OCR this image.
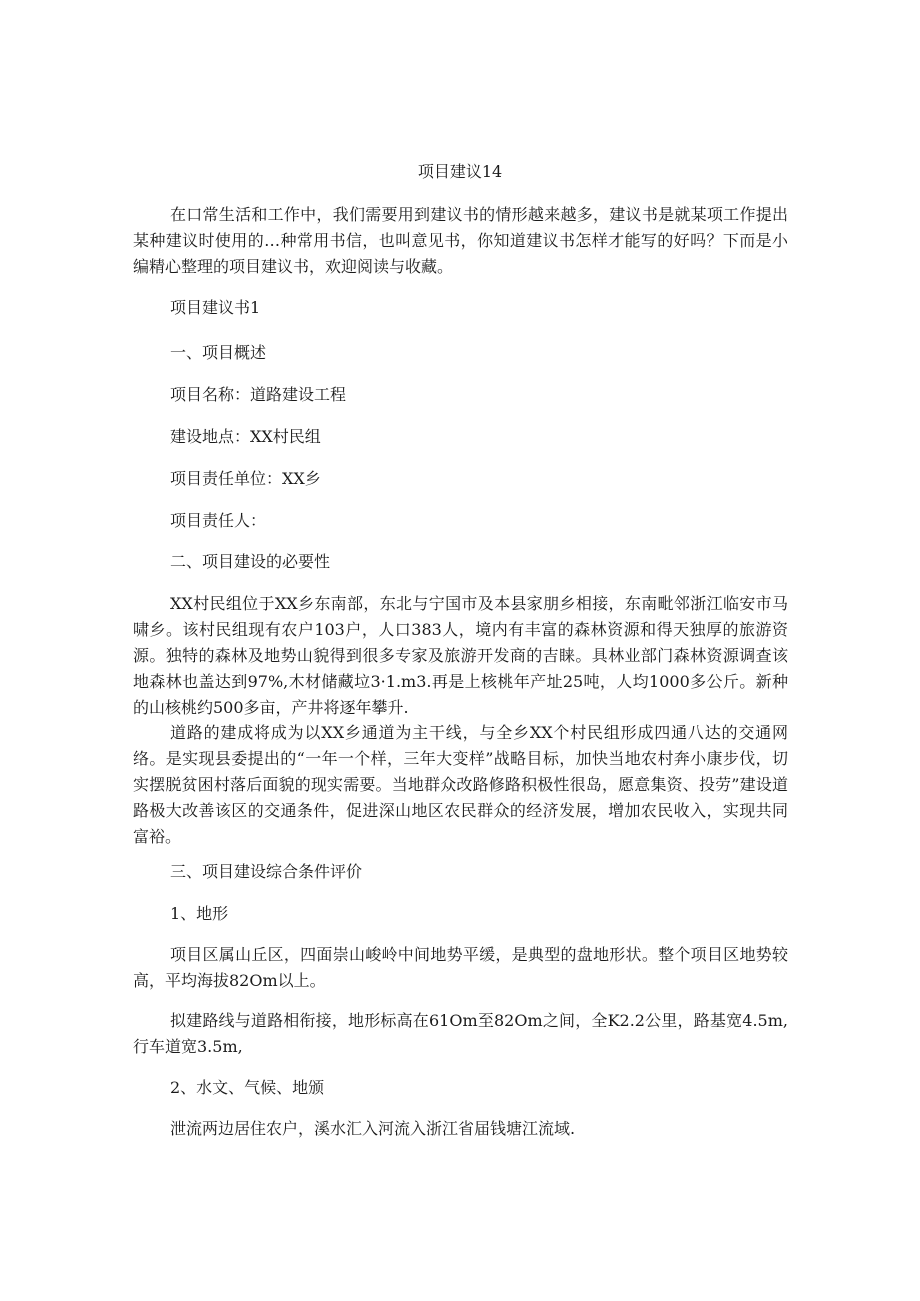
项目建议14

在口常生活和工作中，我们需要用到建议书的情形越来越多，建议书是就某项工作提出某种建议时使用的…种常用书信，也叫意见书，你知道建议书怎样才能写的好吗？下而是小编精心整理的项目建议书，欢迎阅读与收藏。

项目建议书1
一、项目概述
项目名称：道路建设工程
建设地点：XX村民组
项目责任单位：XX乡
项目责任人：
二、项目建设的必要性

XX村民组位于XX乡东南部，东北与宁国市及本县家朋乡相接，东南毗邻浙江临安市马啸乡。该村民组现有农户103户，人口383人，境内有丰富的森林资源和得天独厚的旅游资源。独特的森林及地势山貌得到很多专家及旅游开发商的吉睐。具林业部门森林资源调查该地森林也盖达到97%,木材储藏垃3·1.m3.再是上核桃年产址25吨，人均1000多公斤。新种的山核桃约500多亩，产井将逐年攀升.

道路的建成将成为以XX乡通道为主干线，与全乡XX个村民组形成四通八达的交通网络。是实现县委提出的“一年一个样，三年大变样”战略目标，加快当地农村奔小康步伐，切实摆脱贫困村落后面貌的现实需要。当地群众改路修路积极性很岛，愿意集资、投劳”建设道路极大改善该区的交通条件，促进深山地区农民群众的经济发展，增加农民收入，实现共同富裕。

三、项目建设综合条件评价
1、地形

项目区属山丘区，四面崇山峻岭中间地势平缓，是典型的盘地形状。整个项目区地势较高，平均海拔82Om以上。

拟建路线与道路相衔接，地形标高在61Om至82Om之间，全K2.2公里，路基宽4.5m,行车道宽3.5m,

2、水文、气候、地颁

泄流两边居住农户，溪水汇入河流入浙江省届钱塘江流域.
